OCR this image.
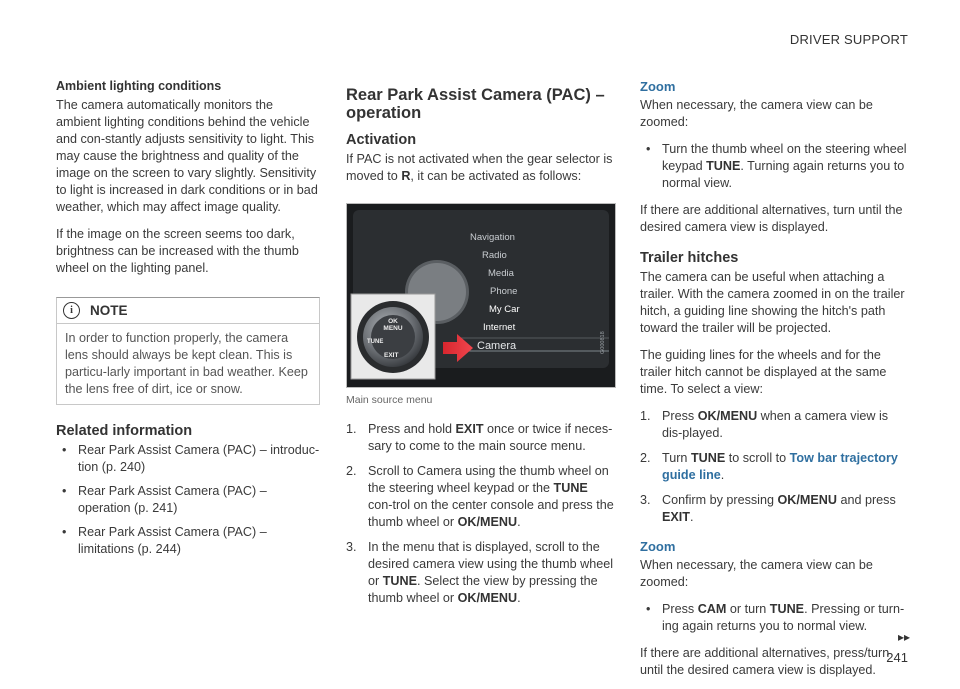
DRIVER SUPPORT
Ambient lighting conditions

The camera automatically monitors the ambient lighting conditions behind the vehicle and con-stantly adjusts sensitivity to light. This may cause the brightness and quality of the image on the screen to vary slightly. Sensitivity to light is increased in dark conditions or in bad weather, which may affect image quality.

If the image on the screen seems too dark, brightness can be increased with the thumb wheel on the lighting panel.

i	NOTE
In order to function properly, the camera lens should always be kept clean. This is particu-larly important in bad weather. Keep the lens free of dirt, ice or snow.
Related information
• Rear Park Assist Camera (PAC) – introduc-tion (p. 240)
• Rear Park Assist Camera (PAC) – operation (p. 241)
• Rear Park Assist Camera (PAC) – limitations (p. 244)
Rear Park Assist Camera (PAC) – operation
Activation

If PAC is not activated when the gear selector is moved to R, it can be activated as follows:

Navigation
Radio
Media
Phone
My Car
Internet
Camera
OK
MENU
TUNE
EXIT
G000818
Main source menu
1. Press and hold EXIT once or twice if neces-sary to come to the main source menu.
2. Scroll to Camera using the thumb wheel on the steering wheel keypad or the TUNE con-trol on the center console and press the thumb wheel or OK/MENU.
3. In the menu that is displayed, scroll to the desired camera view using the thumb wheel or TUNE. Select the view by pressing the thumb wheel or OK/MENU.
Zoom

When necessary, the camera view can be zoomed:

• Turn the thumb wheel on the steering wheel keypad TUNE. Turning again returns you to normal view.

If there are additional alternatives, turn until the desired camera view is displayed.

Trailer hitches

The camera can be useful when attaching a trailer. With the camera zoomed in on the trailer hitch, a guiding line showing the hitch's path toward the trailer will be projected.

The guiding lines for the wheels and for the trailer hitch cannot be displayed at the same time. To select a view:

1. Press OK/MENU when a camera view is dis-played.
2. Turn TUNE to scroll to Tow bar trajectory guide line.
3. Confirm by pressing OK/MENU and press EXIT.
Zoom

When necessary, the camera view can be zoomed:

• Press CAM or turn TUNE. Pressing or turn-ing again returns you to normal view.

If there are additional alternatives, press/turn until the desired camera view is displayed.

▸▸
241
